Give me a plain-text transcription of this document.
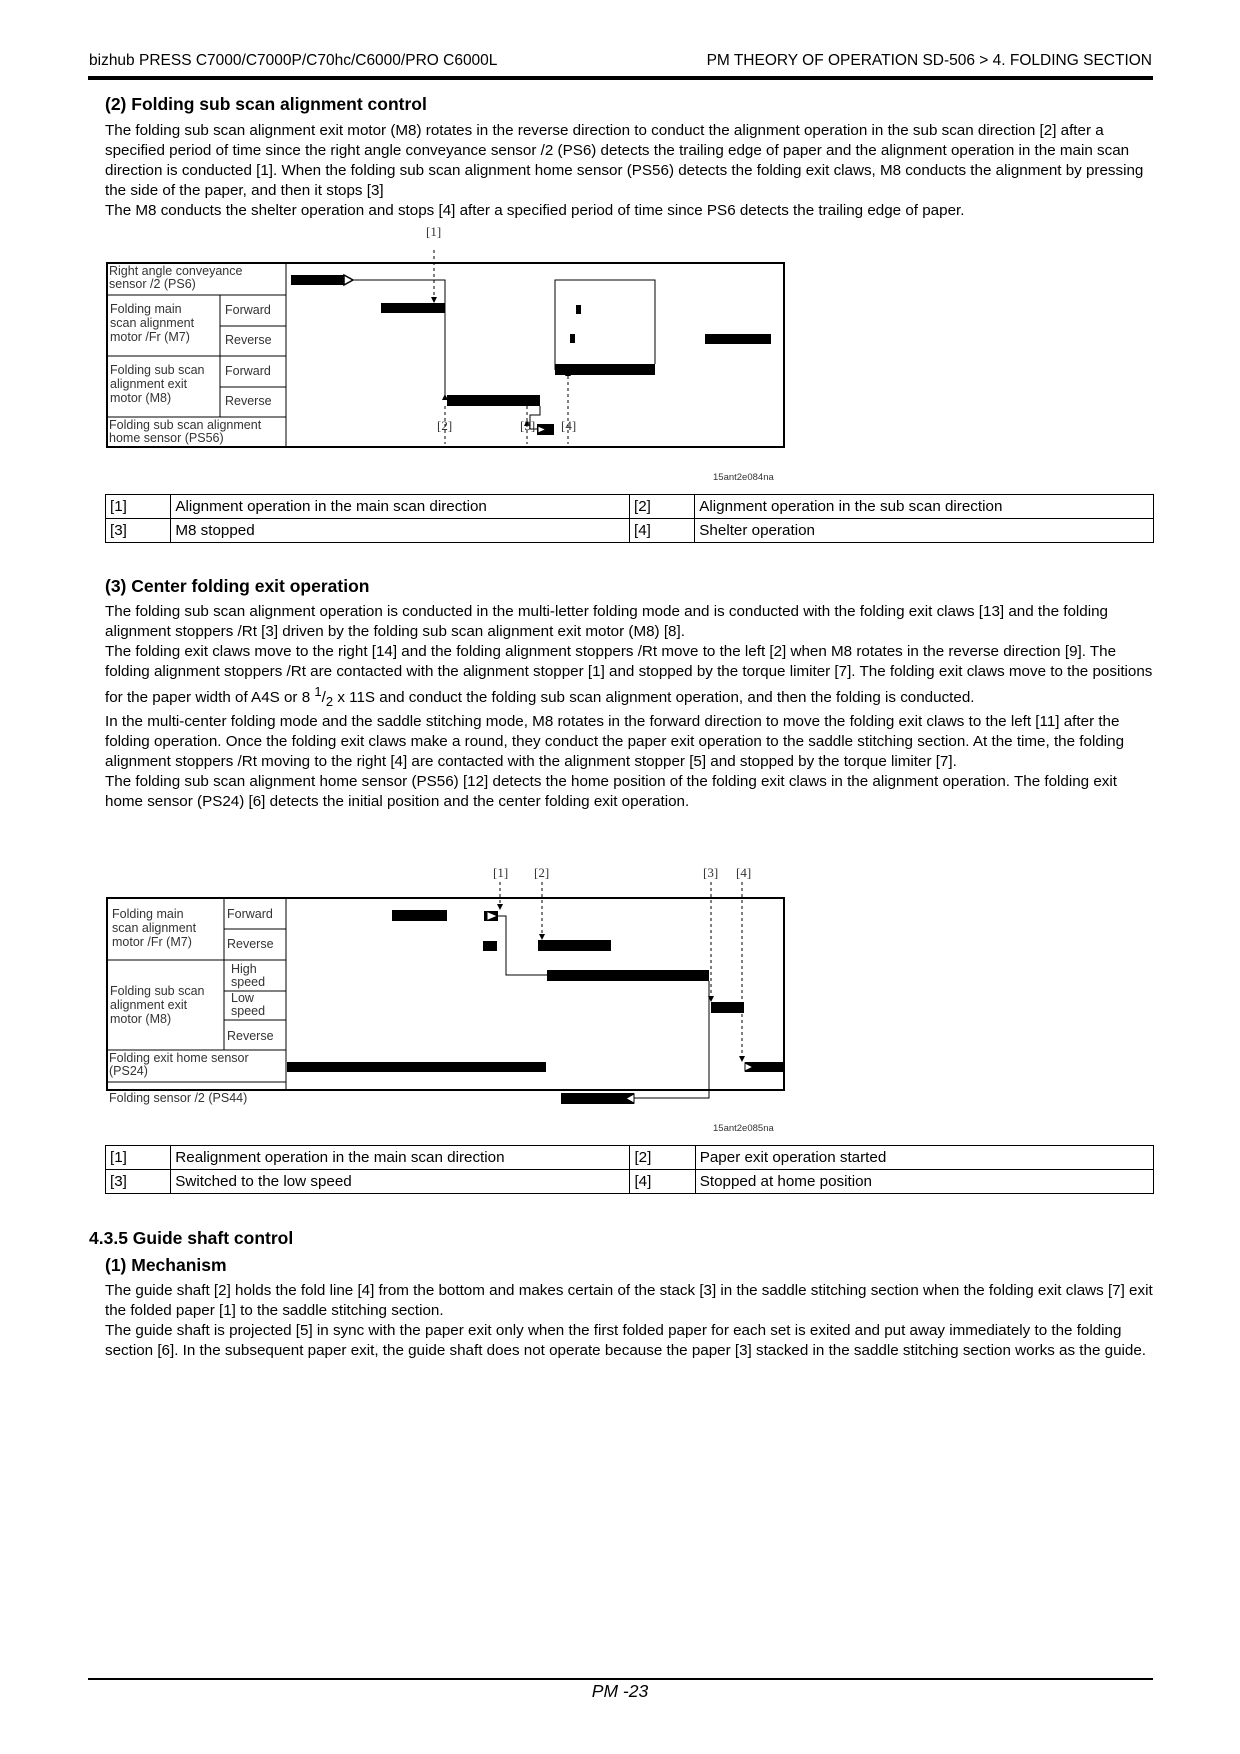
bizhub PRESS C7000/C7000P/C70hc/C6000/PRO C6000L	PM THEORY OF OPERATION SD-506 > 4. FOLDING SECTION
(2) Folding sub scan alignment control

The folding sub scan alignment exit motor (M8) rotates in the reverse direction to conduct the alignment operation in the sub scan direction [2] after a specified period of time since the right angle conveyance sensor /2 (PS6) detects the trailing edge of paper and the alignment operation in the main scan direction is conducted [1]. When the folding sub scan alignment home sensor (PS56) detects the folding exit claws, M8 conducts the alignment by pressing the side of the paper, and then it stops [3]

The M8 conducts the shelter operation and stops [4] after a specified period of time since PS6 detects the trailing edge of paper.

Right angle conveyance sensor /2 (PS6)
Folding main scan alignment motor /Fr (M7)
Folding sub scan alignment exit motor (M8)
Folding sub scan alignment home sensor (PS56)
Forward
Reverse
Forward
Reverse
[1]
[2]	[3] [4]
15ant2e084na
[1]	Alignment operation in the main scan direction	[2]	Alignment operation in the sub scan direction
[3]	M8 stopped	[4]	Shelter operation
(3) Center folding exit operation

The folding sub scan alignment operation is conducted in the multi-letter folding mode and is conducted with the folding exit claws [13] and the folding alignment stoppers /Rt [3] driven by the folding sub scan alignment exit motor (M8) [8].

The folding exit claws move to the right [14] and the folding alignment stoppers /Rt move to the left [2] when M8 rotates in the reverse direction [9]. The folding alignment stoppers /Rt are contacted with the alignment stopper [1] and stopped by the torque limiter [7]. The folding exit claws move to the positions for the paper width of A4S or 8 $^1/_2$ x 11S and conduct the folding sub scan alignment operation, and then the folding is conducted.

In the multi-center folding mode and the saddle stitching mode, M8 rotates in the forward direction to move the folding exit claws to the left [11] after the folding operation. Once the folding exit claws make a round, they conduct the paper exit operation to the saddle stitching section. At the time, the folding alignment stoppers /Rt moving to the right [4] are contacted with the alignment stopper [5] and stopped by the torque limiter [7].

The folding sub scan alignment home sensor (PS56) [12] detects the home position of the folding exit claws in the alignment operation. The folding exit home sensor (PS24) [6] detects the initial position and the center folding exit operation.

Folding main scan alignment motor /Fr (M7)
Folding sub scan alignment exit motor (M8)
Folding exit home sensor (PS24)
Folding sensor /2 (PS44)
Forward
Reverse
High speed
Low speed
Reverse
[1] [2]	[3] [4]
15ant2e085na
[1]	Realignment operation in the main scan direction	[2]	Paper exit operation started
[3]	Switched to the low speed	[4]	Stopped at home position
4.3.5 Guide shaft control
(1) Mechanism

The guide shaft [2] holds the fold line [4] from the bottom and makes certain of the stack [3] in the saddle stitching section when the folding exit claws [7] exit the folded paper [1] to the saddle stitching section.

The guide shaft is projected [5] in sync with the paper exit only when the first folded paper for each set is exited and put away immediately to the folding section [6]. In the subsequent paper exit, the guide shaft does not operate because the paper [3] stacked in the saddle stitching section works as the guide.

PM -23
